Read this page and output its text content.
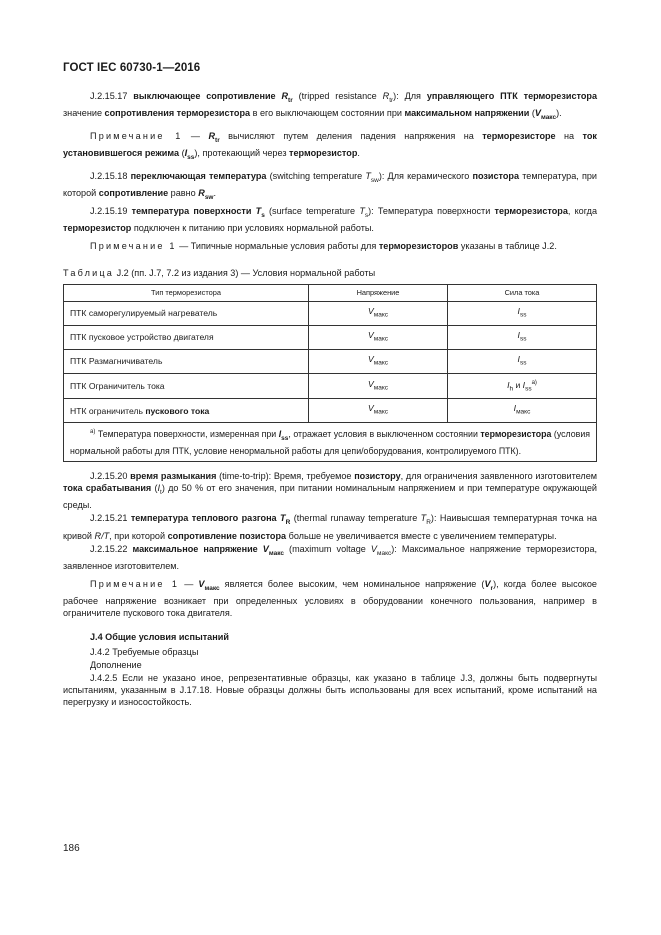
ГОСТ IEC 60730-1—2016

J.2.15.17 выключающее сопротивление $R_{tr}$ (tripped resistance $R_{tr}$): Для управляющего ПТК терморезистора значение сопротивления терморезистора в его выключающем состоянии при максимальном напряжении $(V_{макс})$.

Примечание 1 — $R_{tr}$ вычисляют путем деления падения напряжения на терморезисторе на ток установившегося режима $(I_{ss})$, протекающий через терморезистор.

J.2.15.18 переключающая температура (switching temperature $T_{sw}$): Для керамического позистора температура, при которой сопротивление равно $R_{sw}$.

J.2.15.19 температура поверхности $T_s$ (surface temperature $T_s$): Температура поверхности терморезистора, когда терморезистор подключен к питанию при условиях нормальной работы.

Примечание 1 — Типичные нормальные условия работы для терморезисторов указаны в таблице J.2.

Таблица J.2 (пп. J.7, 7.2 из издания 3) — Условия нормальной работы
Тип терморезистора	Напряжение	Сила тока
ПТК саморегулируемый нагреватель	$V_{макс}$	$I_{ss}$
ПТК пусковое устройство двигателя	$V_{макс}$	$I_{ss}$
ПТК Размагничиватель	$V_{макс}$	$I_{ss}$
ПТК Ограничитель тока	$V_{макс}$	$I_h$ и $I_{ss}^{a)}$
НТК ограничитель пускового тока	$V_{макс}$	$I_{макс}$
$^{a)}$ Температура поверхности, измеренная при $I_{ss}$, отражает условия в выключенном состоянии терморезистора (условия нормальной работы для ПТК, условие ненормальной работы для цепи/оборудования, контролируемого ПТК).		

J.2.15.20 время размыкания (time-to-trip): Время, требуемое позистору, для ограничения заявленного изготовителем тока срабатывания $(I_t)$ до 50 % от его значения, при питании номинальным напряжением и при температуре окружающей среды.

J.2.15.21 температура теплового разгона $T_R$ (thermal runaway temperature $T_R$): Наивысшая температурная точка на кривой R/T, при которой сопротивление позистора больше не увеличивается вместе с увеличением температуры.

J.2.15.22 максимальное напряжение $V_{макс}$ (maximum voltage $V_{макс}$): Максимальное напряжение терморезистора, заявленное изготовителем.

Примечание 1 — $V_{макс}$ является более высоким, чем номинальное напряжение $(V_r)$, когда более высокое рабочее напряжение возникает при определенных условиях в оборудовании конечного пользования, например в ограничителе пускового тока двигателя.

J.4 Общие условия испытаний
J.4.2 Требуемые образцы
Дополнение

J.4.2.5 Если не указано иное, репрезентативные образцы, как указано в таблице J.3, должны быть подвергнуты испытаниям, указанным в J.17.18. Новые образцы должны быть использованы для всех испытаний, кроме испытаний на перегрузку и износостойкость.

186
